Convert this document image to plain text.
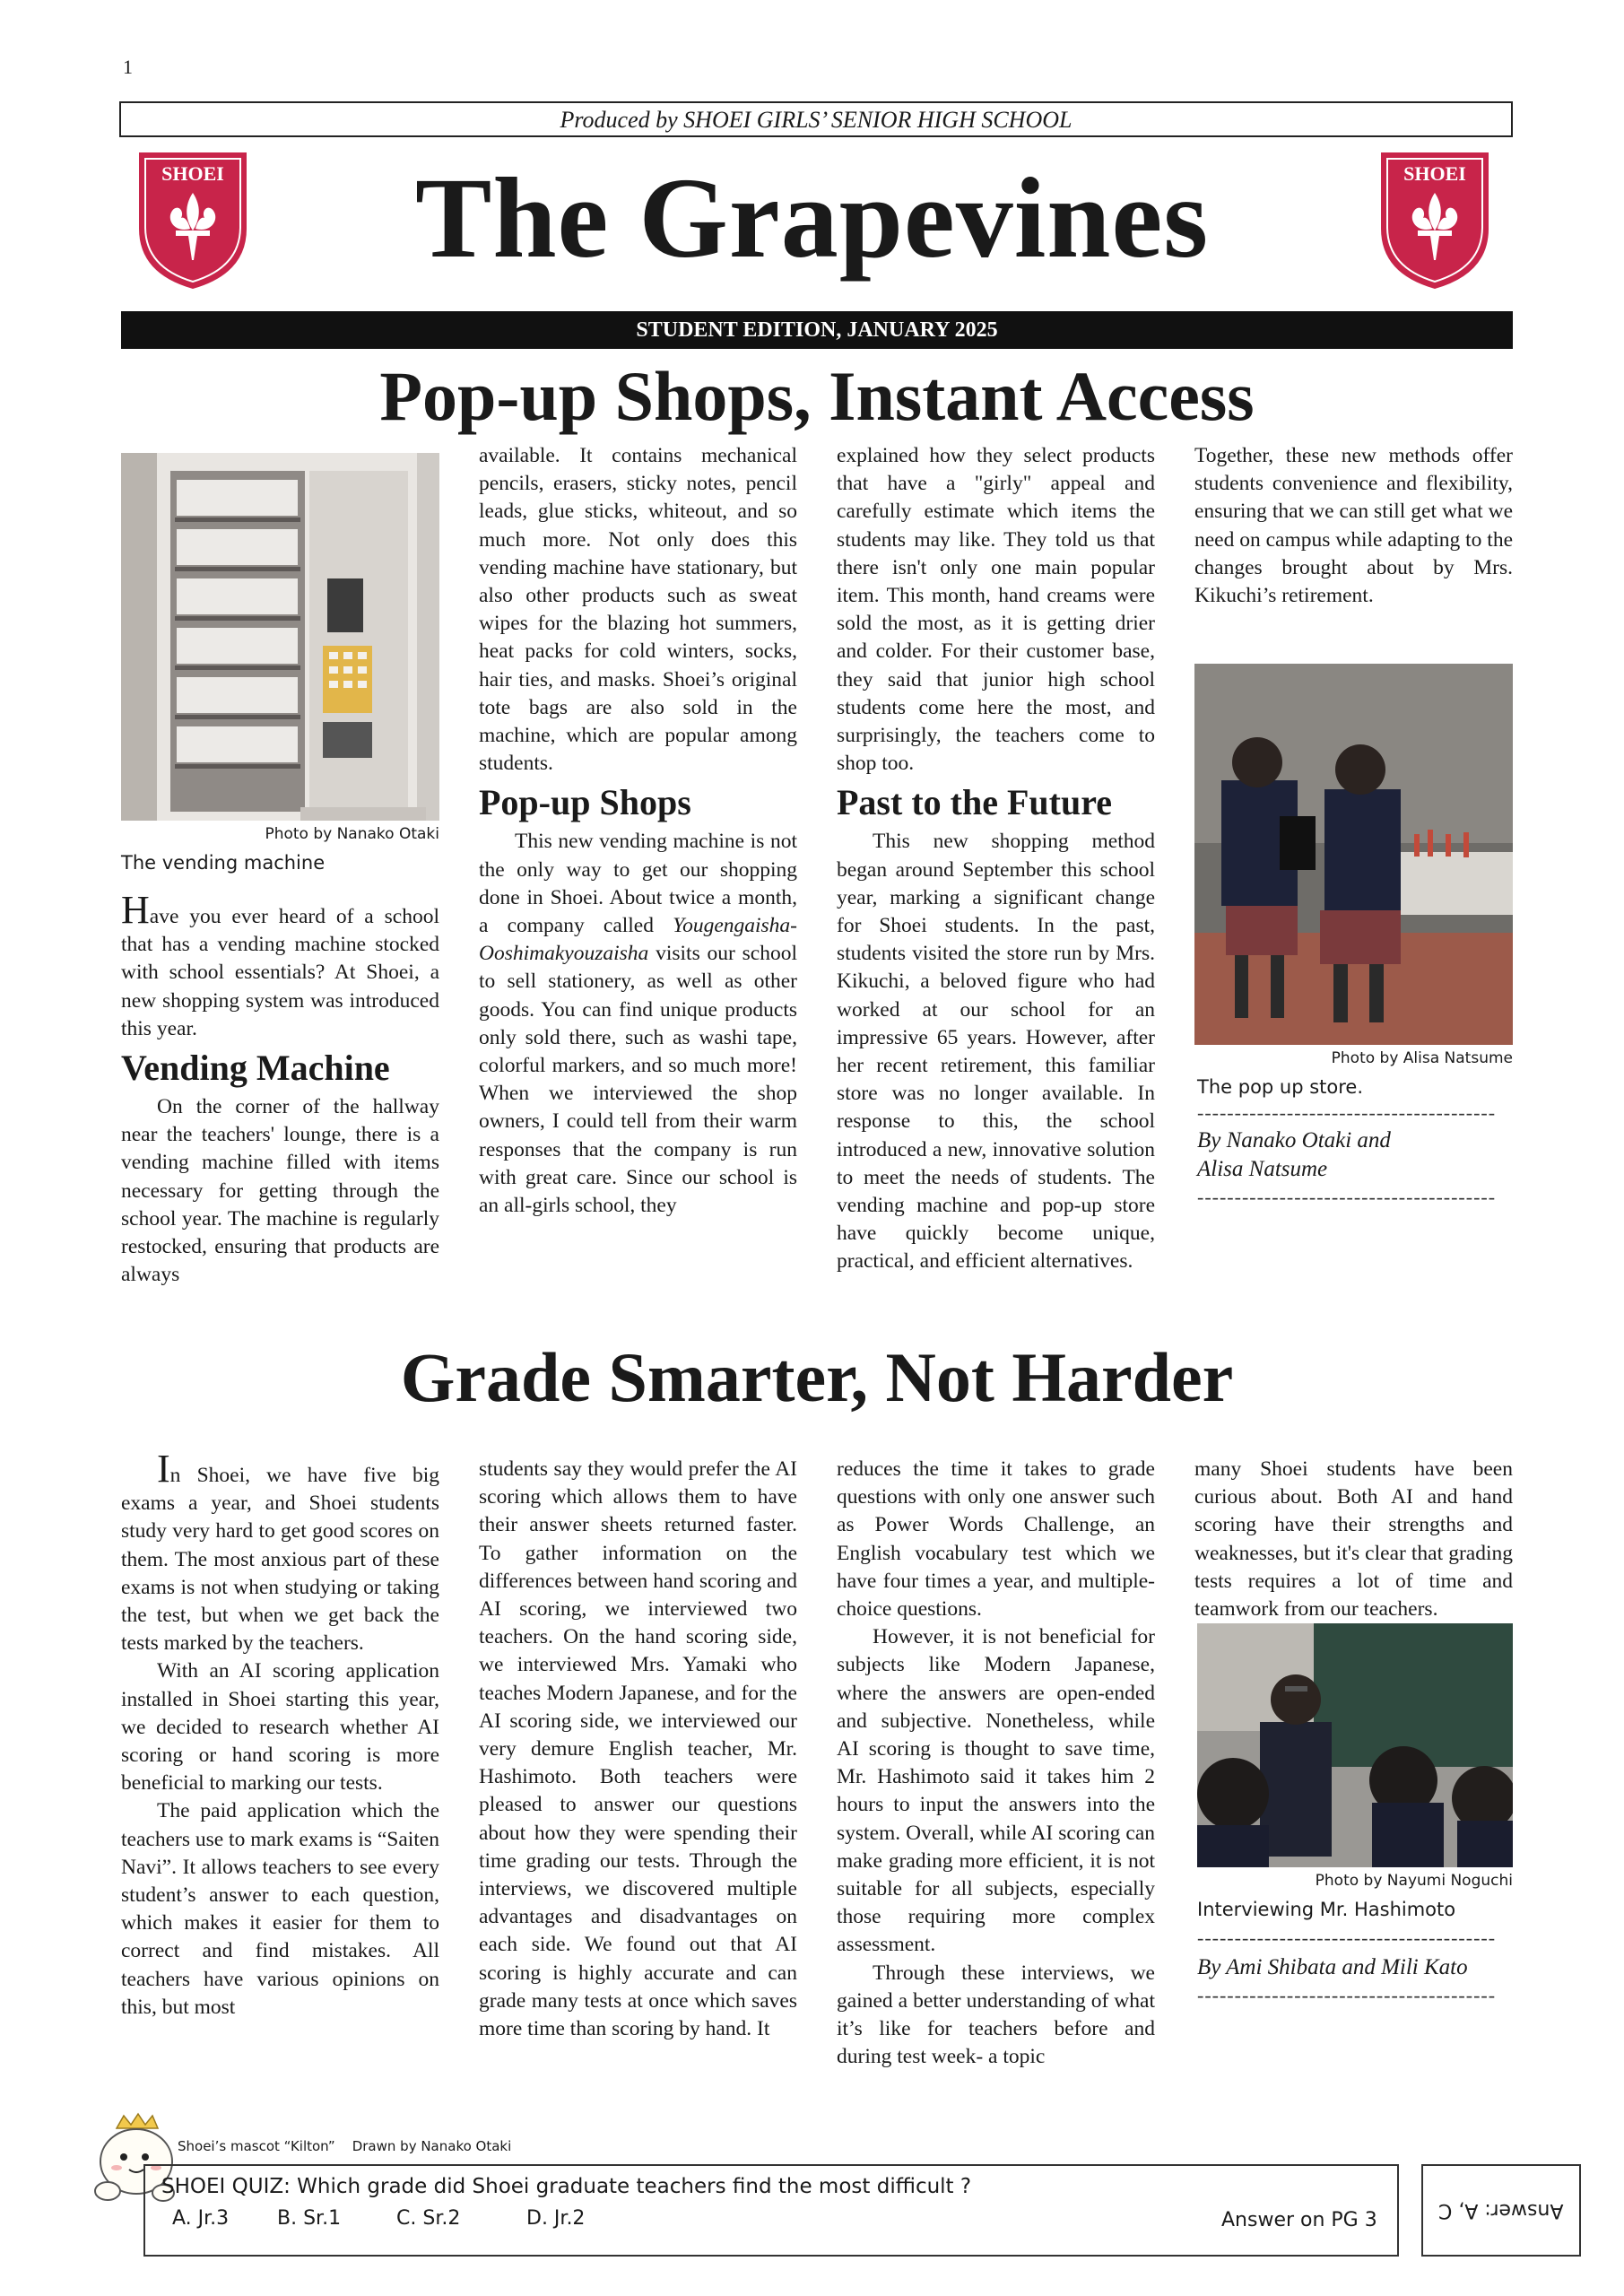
1
Produced by SHOEI GIRLS’ SENIOR HIGH SCHOOL
SHOEI	The Grapevines	SHOEI
STUDENT EDITION, JANUARY 2025
Pop-up Shops, Instant Access
Photo by Nanako Otaki
The vending machine

Have you ever heard of a school that has a vending machine stocked with school essentials? At Shoei, a new shopping system was introduced this year.

Vending Machine

On the corner of the hallway near the teachers' lounge, there is a vending machine filled with items necessary for getting through the school year. The machine is regularly restocked, ensuring that products are always

available. It contains mechanical pencils, erasers, sticky notes, pencil leads, glue sticks, whiteout, and so much more. Not only does this vending machine have stationary, but also other products such as sweat wipes for the blazing hot summers, heat packs for cold winters, socks, hair ties, and masks. Shoei’s original tote bags are also sold in the machine, which are popular among students.

Pop-up Shops

This new vending machine is not the only way to get our shopping done in Shoei. About twice a month, a company called Yougengaisha-Ooshimakyouzaisha visits our school to sell stationery, as well as other goods. You can find unique products only sold there, such as washi tape, colorful markers, and so much more! When we interviewed the shop owners, I could tell from their warm responses that the company is run with great care. Since our school is an all-girls school, they

explained how they select products that have a "girly" appeal and carefully estimate which items the students may like. They told us that there isn't only one main popular item. This month, hand creams were sold the most, as it is getting drier and colder. For their customer base, they said that junior high school students come here the most, and surprisingly, the teachers come to shop too.

Past to the Future

This new shopping method began around September this school year, marking a significant change for Shoei students. In the past, students visited the store run by Mrs. Kikuchi, a beloved figure who had worked at our school for an impressive 65 years. However, after her recent retirement, this familiar store was no longer available. In response to this, the school introduced a new, innovative solution to meet the needs of students. The vending machine and pop-up store have quickly become unique, practical, and efficient alternatives.

Together, these new methods offer students convenience and flexibility, ensuring that we can still get what we need on campus while adapting to the changes brought about by Mrs. Kikuchi’s retirement.

Photo by Alisa Natsume
The pop up store.
----------------------------------------
By Nanako Otaki and Alisa Natsume
----------------------------------------
Grade Smarter, Not Harder

In Shoei, we have five big exams a year, and Shoei students study very hard to get good scores on them. The most anxious part of these exams is not when studying or taking the test, but when we get back the tests marked by the teachers.

With an AI scoring application installed in Shoei starting this year, we decided to research whether AI scoring or hand scoring is more beneficial to marking our tests.

The paid application which the teachers use to mark exams is “Saiten Navi”. It allows teachers to see every student’s answer to each question, which makes it easier for them to correct and find mistakes. All teachers have various opinions on this, but most

students say they would prefer the AI scoring which allows them to have their answer sheets returned faster. To gather information on the differences between hand scoring and AI scoring, we interviewed two teachers. On the hand scoring side, we interviewed Mrs. Yamaki who teaches Modern Japanese, and for the AI scoring side, we interviewed our very demure English teacher, Mr. Hashimoto. Both teachers were pleased to answer our questions about how they were spending their time grading our tests. Through the interviews, we discovered multiple advantages and disadvantages on each side. We found out that AI scoring is highly accurate and can grade many tests at once which saves more time than scoring by hand. It

reduces the time it takes to grade questions with only one answer such as Power Words Challenge, an English vocabulary test which we have four times a year, and multiple-choice questions.

However, it is not beneficial for subjects like Modern Japanese, where the answers are open-ended and subjective. Nonetheless, while AI scoring is thought to save time, Mr. Hashimoto said it takes him 2 hours to input the answers into the system. Overall, while AI scoring can make grading more efficient, it is not suitable for all subjects, especially those requiring more complex assessment.

Through these interviews, we gained a better understanding of what it’s like for teachers before and during test week- a topic

many Shoei students have been curious about. Both AI and hand scoring have their strengths and weaknesses, but it's clear that grading tests requires a lot of time and teamwork from our teachers.

Photo by Nayumi Noguchi
Interviewing Mr. Hashimoto
----------------------------------------
By Ami Shibata and Mili Kato
----------------------------------------
Shoei’s mascot “Kilton”    Drawn by Nanako Otaki
SHOEI QUIZ: Which grade did Shoei graduate teachers find the most difficult ?
A. Jr.3 B. Sr.1	C. Sr.2	D. Jr.2	Answer on PG 3	Answer: A, C
